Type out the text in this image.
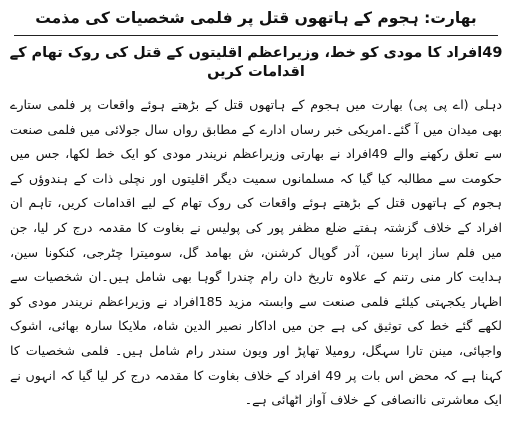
بھارت: ہجوم کے ہاتھوں قتل پر فلمی شخصیات کی مذمت
49افراد کا مودی کو خط، وزیراعظم اقلیتوں کے قتل کی روک تھام کے اقدامات کریں

دہلی (اے پی پی) بھارت میں ہجوم کے ہاتھوں قتل کے بڑھتے ہوئے واقعات پر فلمی ستارے بھی میدان میں آ گئے۔امریکی خبر رساں ادارے کے مطابق رواں سال جولائی میں فلمی صنعت سے تعلق رکھنے والے 49افراد نے بھارتی وزیراعظم نریندر مودی کو ایک خط لکھا، جس میں حکومت سے مطالبہ کیا گیا کہ مسلمانوں سمیت دیگر اقلیتوں اور نچلی ذات کے ہندوؤں کے ہجوم کے ہاتھوں قتل کے بڑھتے ہوئے واقعات کی روک تھام کے لیے اقدامات کریں، تاہم ان افراد کے خلاف گزشتہ ہفتے ضلع مظفر پور کی پولیس نے بغاوت کا مقدمہ درج کر لیا، جن میں فلم ساز اپرنا سین، آدر گوپال کرشنن، ش بھامد گل، سومیترا چٹرجی، کنکونا سین، ہدایت کار منی رتنم کے علاوہ تاریخ دان رام چندرا گوہا بھی شامل ہیں۔ان شخصیات سے اظہار یکجہتی کیلئے فلمی صنعت سے وابستہ مزید 185افراد نے وزیراعظم نریندر مودی کو لکھے گئے خط کی توثیق کی ہے جن میں اداکار نصیر الدین شاہ، ملایکا سارہ بھائی، اشوک واجپائی، مینن تارا سہگل، رومیلا تھاپڑ اور ویون سندر رام شامل ہیں۔ فلمی شخصیات کا کہنا ہے کہ محض اس بات پر 49 افراد کے خلاف بغاوت کا مقدمہ درج کر لیا گیا کہ انہوں نے ایک معاشرتی ناانصافی کے خلاف آواز اٹھائی ہے۔
